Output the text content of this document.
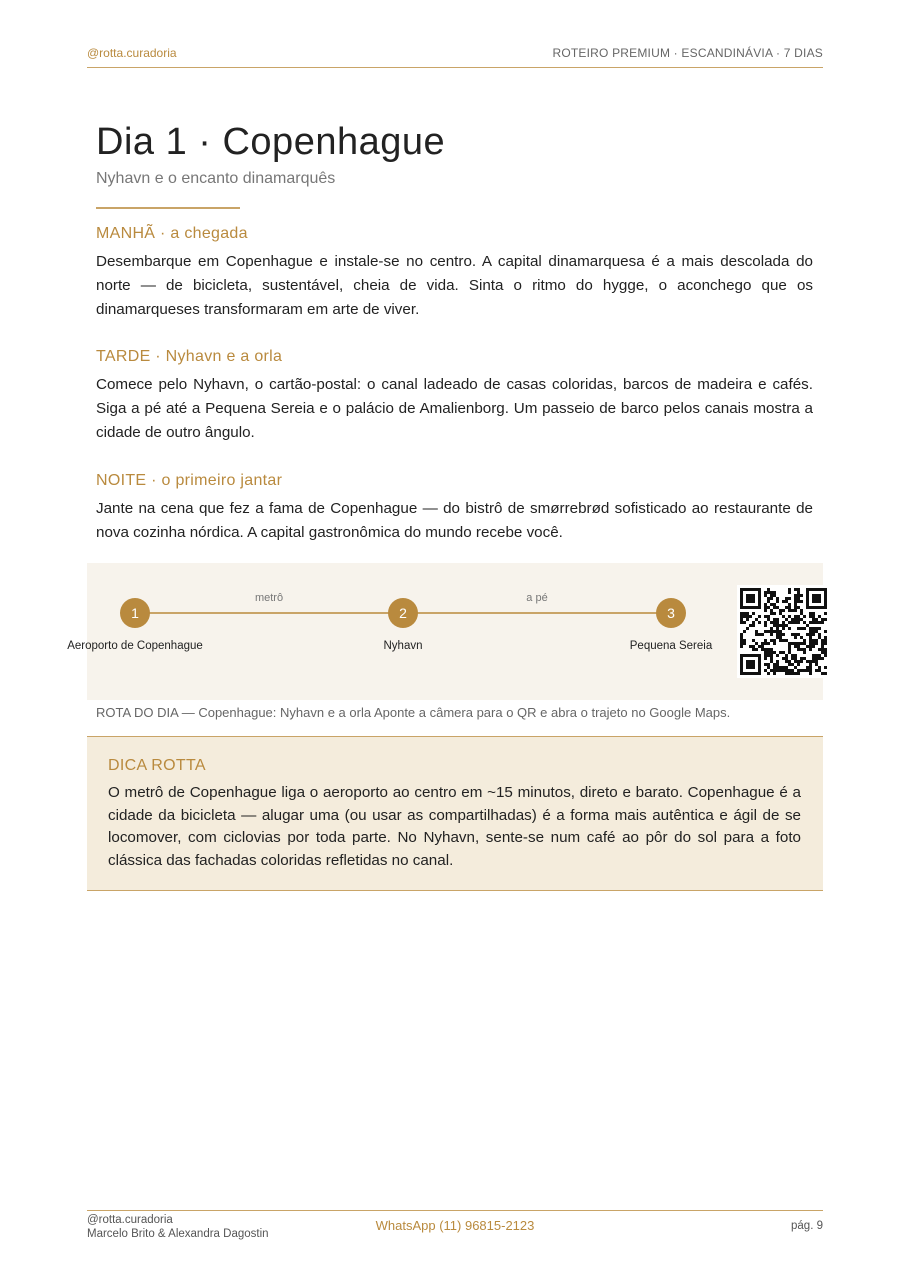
@rotta.curadoria	ROTEIRO PREMIUM · ESCANDINÁVIA · 7 DIAS
Dia 1 · Copenhague
Nyhavn e o encanto dinamarquês
MANHÃ · a chegada

Desembarque em Copenhague e instale-se no centro. A capital dinamarquesa é a mais descolada do norte — de bicicleta, sustentável, cheia de vida. Sinta o ritmo do hygge, o aconchego que os dinamarqueses transformaram em arte de viver.

TARDE · Nyhavn e a orla

Comece pelo Nyhavn, o cartão-postal: o canal ladeado de casas coloridas, barcos de madeira e cafés. Siga a pé até a Pequena Sereia e o palácio de Amalienborg. Um passeio de barco pelos canais mostra a cidade de outro ângulo.

NOITE · o primeiro jantar

Jante na cena que fez a fama de Copenhague — do bistrô de smørrebrød sofisticado ao restaurante de nova cozinha nórdica. A capital gastronômica do mundo recebe você.

metrô	a pé
1	2	3
Aeroporto de Copenhague	Nyhavn	Pequena Sereia
ROTA DO DIA — Copenhague: Nyhavn e a orla Aponte a câmera para o QR e abra o trajeto no Google Maps.
DICA ROTTA

O metrô de Copenhague liga o aeroporto ao centro em ~15 minutos, direto e barato. Copenhague é a cidade da bicicleta — alugar uma (ou usar as compartilhadas) é a forma mais autêntica e ágil de se locomover, com ciclovias por toda parte. No Nyhavn, sente-se num café ao pôr do sol para a foto clássica das fachadas coloridas refletidas no canal.

@rotta.curadoria
Marcelo Brito & Alexandra Dagostin
WhatsApp (11) 96815-2123	pág. 9
